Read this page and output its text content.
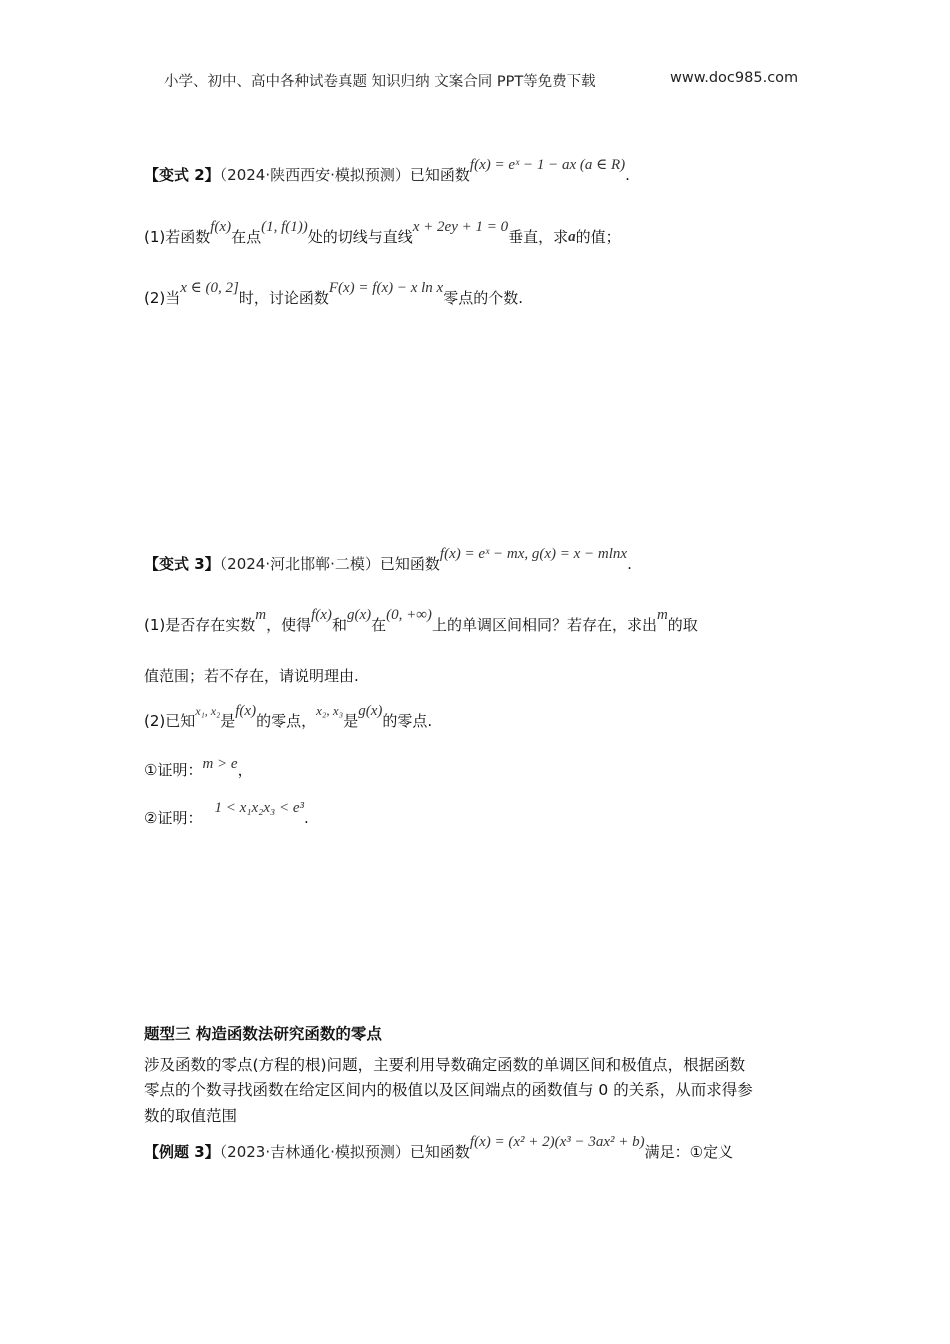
小学、初中、高中各种试卷真题 知识归纳 文案合同 PPT等免费下载	www.doc985.com
【变式 2】（2024·陕西西安·模拟预测）已知函数f(x) = eˣ − 1 − ax (a ∈ R).
(1)若函数f(x)在点(1, f(1))处的切线与直线x + 2ey + 1 = 0垂直，求a的值；
(2)当x ∈ (0, 2]时，讨论函数F(x) = f(x) − x ln x零点的个数.
【变式 3】（2024·河北邯郸·二模）已知函数f(x) = eˣ − mx, g(x) = x − mlnx.
(1)是否存在实数m，使得f(x)和g(x)在(0, +∞)上的单调区间相同？若存在，求出m的取
值范围；若不存在，请说明理由.
(2)已知x₁, x₂是f(x)的零点，x₂, x₃是g(x)的零点.
①证明：m > e，
②证明：1 < x₁x₂x₃ < e³.
题型三 构造函数法研究函数的零点
涉及函数的零点(方程的根)问题，主要利用导数确定函数的单调区间和极值点，根据函数
零点的个数寻找函数在给定区间内的极值以及区间端点的函数值与 0 的关系，从而求得参
数的取值范围
【例题 3】（2023·吉林通化·模拟预测）已知函数f(x) = (x² + 2)(x³ − 3ax² + b)满足：①定义
